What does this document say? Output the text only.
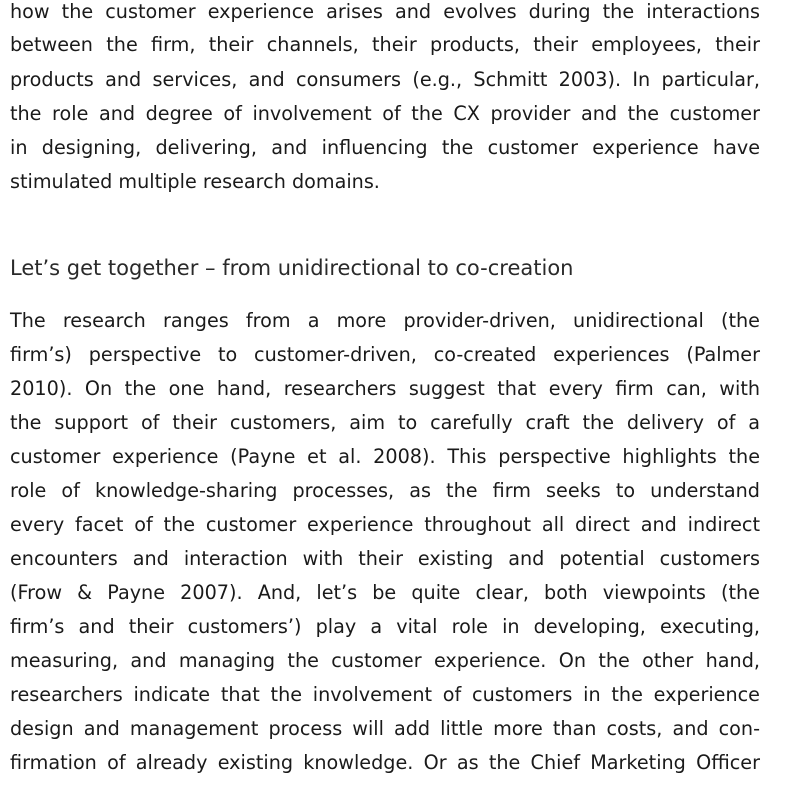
how the customer experience arises and evolves during the interactions
between the firm, their channels, their products, their employees, their
products and services, and consumers (e.g., Schmitt 2003). In particular,
the role and degree of involvement of the CX provider and the customer
in designing, delivering, and influencing the customer experience have
stimulated multiple research domains.
Let’s get together – from unidirectional to co-creation
The research ranges from a more provider-driven, unidirectional (the
firm’s) perspective to customer-driven, co-created experiences (Palmer
2010). On the one hand, researchers suggest that every firm can, with
the support of their customers, aim to carefully craft the delivery of a
customer experience (Payne et al. 2008). This perspective highlights the
role of knowledge-sharing processes, as the firm seeks to understand
every facet of the customer experience throughout all direct and indirect
encounters and interaction with their existing and potential customers
(Frow & Payne 2007). And, let’s be quite clear, both viewpoints (the
firm’s and their customers’) play a vital role in developing, executing,
measuring, and managing the customer experience. On the other hand,
researchers indicate that the involvement of customers in the experience
design and management process will add little more than costs, and con-
firmation of already existing knowledge. Or as the Chief Marketing Officer
